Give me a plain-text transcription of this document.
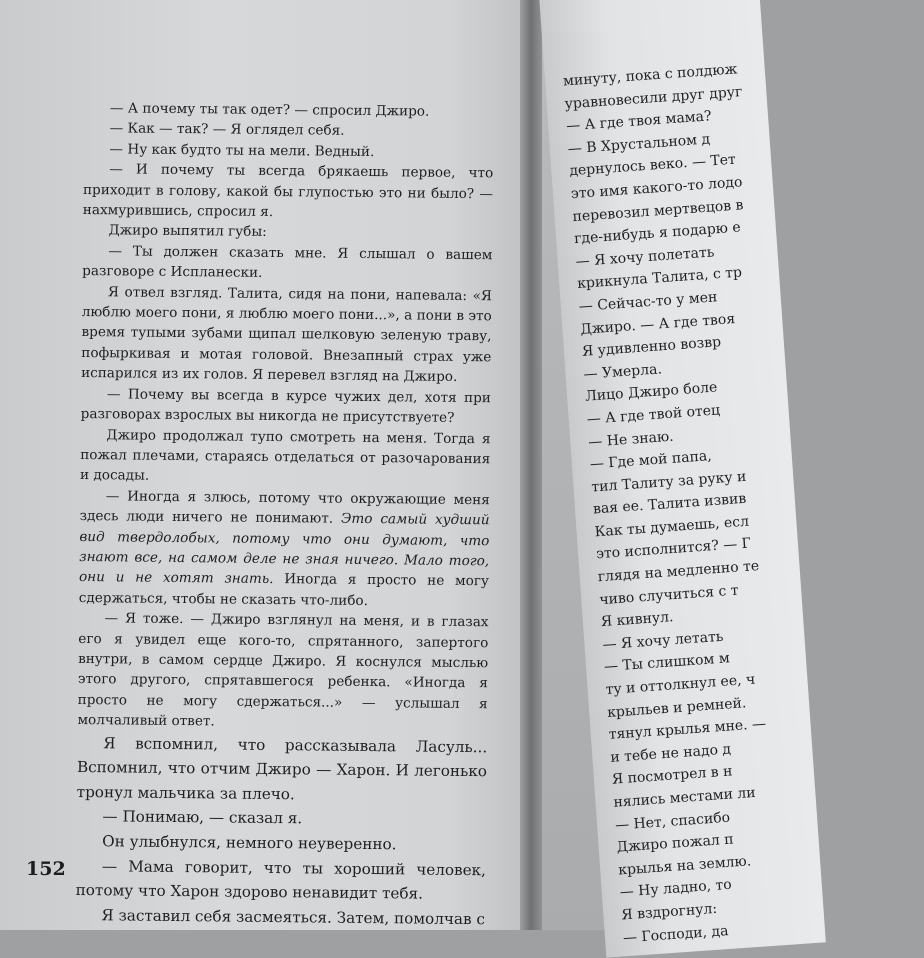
— А почему ты так одет? — спросил Джиро.

— Как — так? — Я оглядел себя.

— Ну как будто ты на мели. Ведный.

— И почему ты всегда брякаешь первое, что приходит в голову, какой бы глупостью это ни было? — нахмурившись, спросил я.

Джиро выпятил губы:

— Ты должен сказать мне. Я слышал о вашем разговоре с Испланески.

Я отвел взгляд. Талита, сидя на пони, напевала: «Я люблю моего пони, я люблю моего пони...», а пони в это время тупыми зубами щипал шелковую зеленую траву, пофыркивая и мотая головой. Внезапный страх уже испарился из их голов. Я перевел взгляд на Джиро.

— Почему вы всегда в курсе чужих дел, хотя при разговорах взрослых вы никогда не присутствуете?

Джиро продолжал тупо смотреть на меня. Тогда я пожал плечами, стараясь отделаться от разочарования и досады.

— Иногда я злюсь, потому что окружающие меня здесь люди ничего не понимают. Это самый худший вид твердолобых, потому что они думают, что знают все, на самом деле не зная ничего. Мало того, они и не хотят знать. Иногда я просто не могу сдержаться, чтобы не сказать что-либо.

— Я тоже. — Джиро взглянул на меня, и в глазах его я увидел еще кого-то, спрятанного, запертого внутри, в самом сердце Джиро. Я коснулся мыслью этого другого, спрятавшегося ребенка. «Иногда я просто не могу сдержаться...» — услышал я молчаливый ответ.

Я вспомнил, что рассказывала Ласуль... Вспомнил, что отчим Джиро — Харон. И легонько тронул мальчика за плечо.

— Понимаю, — сказал я.

Он улыбнулся, немного неуверенно.

— Мама говорит, что ты хороший человек, потому что Харон здорово ненавидит тебя.

Я заставил себя засмеяться. Затем, помолчав с

152
минуту, пока с полдюж
уравновесили друг друг
— А где твоя мама?
— В Хрустальном д
дернулось веко. — Тет
это имя какого-то лодо
перевозил мертвецов в
где-нибудь я подарю е
— Я хочу полетать
крикнула Талита, с тр
— Сейчас-то у мен
Джиро. — А где твоя
Я удивленно возвр
— Умерла.
Лицо Джиро боле
— А где твой отец
— Не знаю.
— Где мой папа,
тил Талиту за руку и
вая ее. Талита извив
Как ты думаешь, есл
это исполнится? — Г
глядя на медленно те
чиво случиться с т
Я кивнул.
— Я хочу летать
— Ты слишком м
ту и оттолкнул ее, ч
крыльев и ремней.
тянул крылья мне. —
и тебе не надо д
Я посмотрел в н
нялись местами ли
— Нет, спасибо
Джиро пожал п
крылья на землю.
— Ну ладно, то
Я вздрогнул:
— Господи, да
